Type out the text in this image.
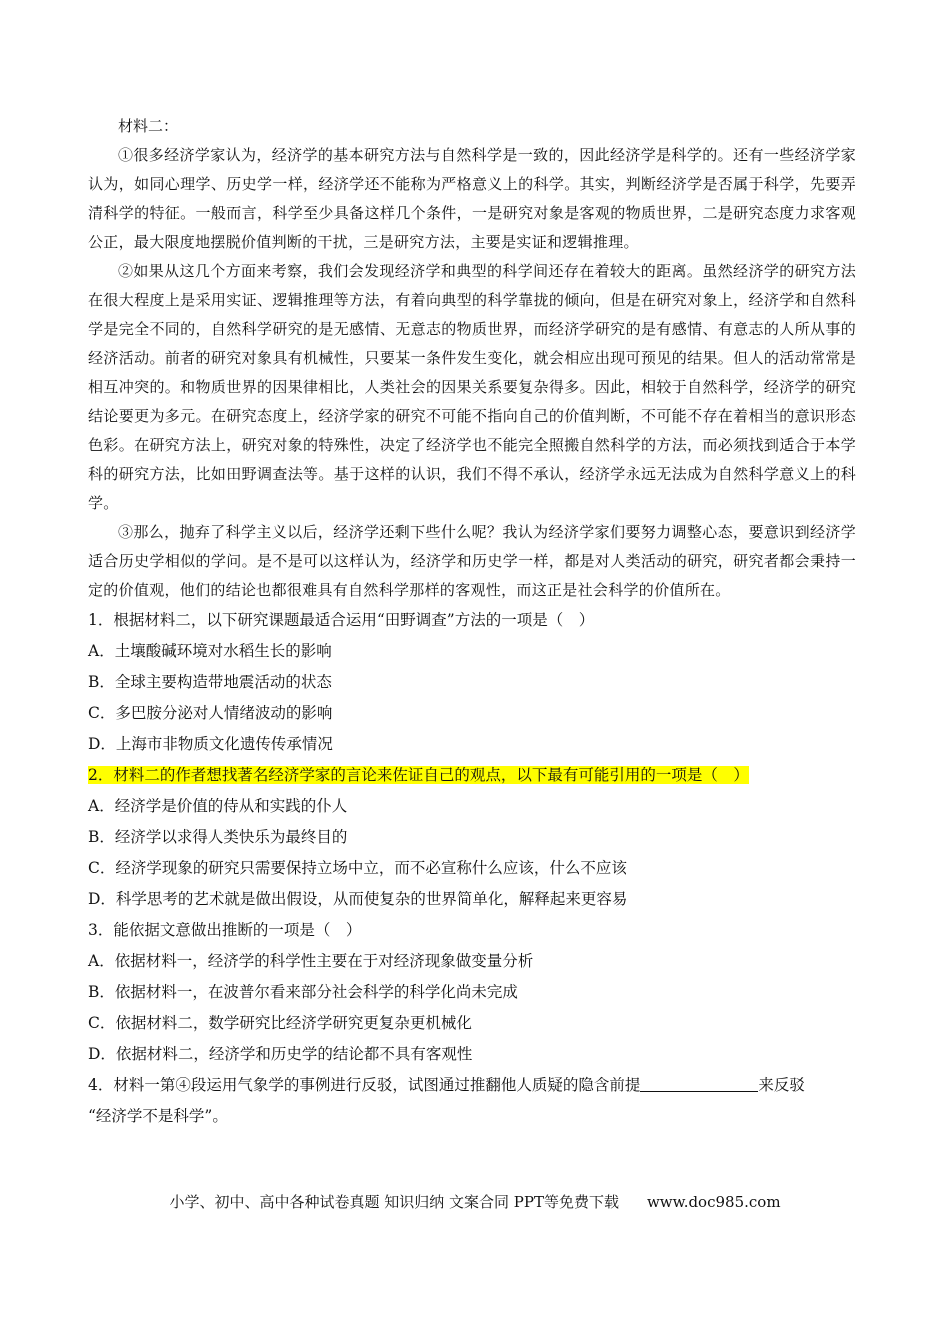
材料二：
①很多经济学家认为，经济学的基本研究方法与自然科学是一致的，因此经济学是科学的。还有一些经济学家认为，如同心理学、历史学一样，经济学还不能称为严格意义上的科学。其实，判断经济学是否属于科学，先要弄清科学的特征。一般而言，科学至少具备这样几个条件，一是研究对象是客观的物质世界，二是研究态度力求客观公正，最大限度地摆脱价值判断的干扰，三是研究方法，主要是实证和逻辑推理。
②如果从这几个方面来考察，我们会发现经济学和典型的科学间还存在着较大的距离。虽然经济学的研究方法在很大程度上是采用实证、逻辑推理等方法，有着向典型的科学靠拢的倾向，但是在研究对象上，经济学和自然科学是完全不同的，自然科学研究的是无感情、无意志的物质世界，而经济学研究的是有感情、有意志的人所从事的经济活动。前者的研究对象具有机械性，只要某一条件发生变化，就会相应出现可预见的结果。但人的活动常常是相互冲突的。和物质世界的因果律相比，人类社会的因果关系要复杂得多。因此，相较于自然科学，经济学的研究结论要更为多元。在研究态度上，经济学家的研究不可能不指向自己的价值判断，不可能不存在着相当的意识形态色彩。在研究方法上，研究对象的特殊性，决定了经济学也不能完全照搬自然科学的方法，而必须找到适合于本学科的研究方法，比如田野调查法等。基于这样的认识，我们不得不承认，经济学永远无法成为自然科学意义上的科学。
③那么，抛弃了科学主义以后，经济学还剩下些什么呢？我认为经济学家们要努力调整心态，要意识到经济学适合历史学相似的学问。是不是可以这样认为，经济学和历史学一样，都是对人类活动的研究，研究者都会秉持一定的价值观，他们的结论也都很难具有自然科学那样的客观性，而这正是社会科学的价值所在。

1．根据材料二，以下研究课题最适合运用“田野调查”方法的一项是（　）

A．土壤酸碱环境对水稻生长的影响

B．全球主要构造带地震活动的状态

C．多巴胺分泌对人情绪波动的影响

D．上海市非物质文化遗传传承情况

2．材料二的作者想找著名经济学家的言论来佐证自己的观点，以下最有可能引用的一项是（　）

A．经济学是价值的侍从和实践的仆人

B．经济学以求得人类快乐为最终目的

C．经济学现象的研究只需要保持立场中立，而不必宣称什么应该，什么不应该

D．科学思考的艺术就是做出假设，从而使复杂的世界简单化，解释起来更容易

3．能依据文意做出推断的一项是（　）

A．依据材料一，经济学的科学性主要在于对经济现象做变量分析

B．依据材料一，在波普尔看来部分社会科学的科学化尚未完成

C．依据材料二，数学研究比经济学研究更复杂更机械化

D．依据材料二，经济学和历史学的结论都不具有客观性

4．材料一第④段运用气象学的事例进行反驳，试图通过推翻他人质疑的隐含前提	来反驳

“经济学不是科学”。

小学、初中、高中各种试卷真题 知识归纳 文案合同 PPT等免费下载 www.doc985.com
